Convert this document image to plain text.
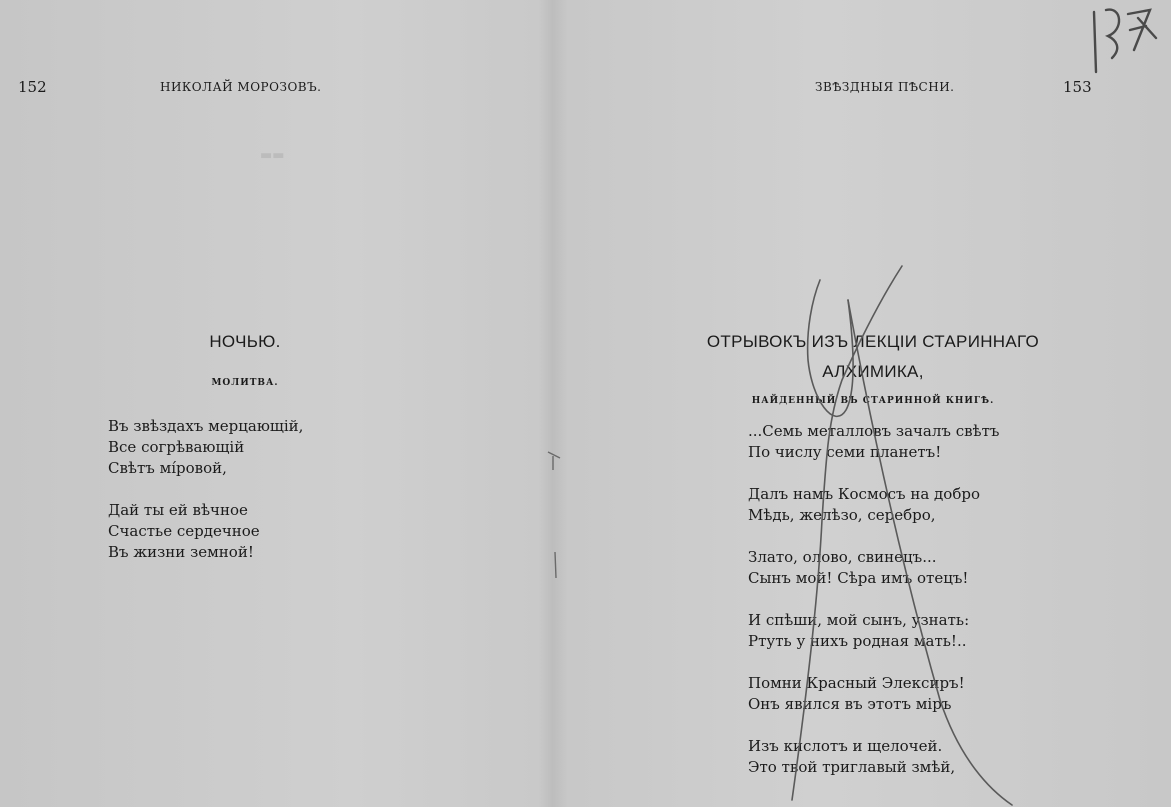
152	НИКОЛАЙ МОРОЗОВЪ.
НОЧЬЮ.
МОЛИТВА.
Въ звѣздахъ мерцающій,
Все согрѣвающій
Свѣтъ мíровой,
Дай ты ей вѣчное
Счастье сердечное
Въ жизни земной!
ЗВѢЗДНЫЯ ПѢСНИ.	153
ОТРЫВОКЪ ИЗЪ ЛЕКЦІИ СТАРИННАГО
АЛХИМИКА,
НАЙДЕННЫЙ ВЪ СТАРИННОЙ КНИГѢ.
...Семь металловъ зачалъ свѣтъ
По числу семи планетъ!
Далъ намъ Космосъ на добро
Мѣдь, желѣзо, серебро,
Злато, олово, свинецъ...
Сынъ мой! Сѣра имъ отецъ!
И спѣши, мой сынъ, узнать:
Ртуть у нихъ родная мать!..
Помни Красный Элексиръ!
Онъ явился въ этотъ міръ
Изъ кислотъ и щелочей.
Это твой триглавый змѣй,
▬▬
